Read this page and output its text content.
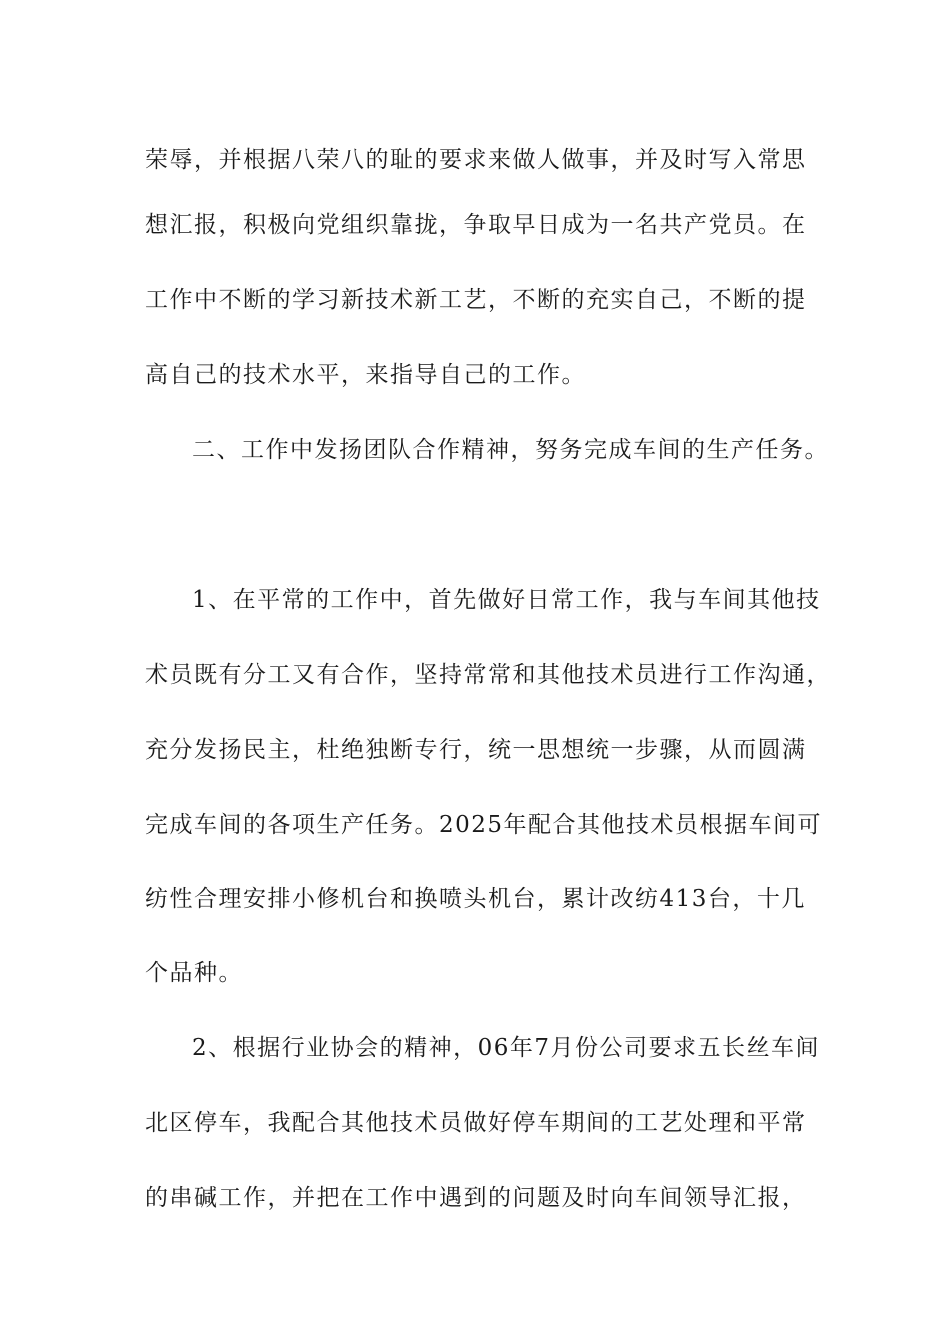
荣辱，并根据八荣八的耻的要求来做人做事，并及时写入常思
想汇报，积极向党组织靠拢，争取早日成为一名共产党员。在
工作中不断的学习新技术新工艺，不断的充实自己，不断的提
高自己的技术水平，来指导自己的工作。
二、工作中发扬团队合作精神，努务完成车间的生产任务。
1、在平常的工作中，首先做好日常工作，我与车间其他技
术员既有分工又有合作，坚持常常和其他技术员进行工作沟通，
充分发扬民主，杜绝独断专行，统一思想统一步骤，从而圆满
完成车间的各项生产任务。2025年配合其他技术员根据车间可
纺性合理安排小修机台和换喷头机台，累计改纺413台，十几
个品种。
2、根据行业协会的精神，06年7月份公司要求五长丝车间
北区停车，我配合其他技术员做好停车期间的工艺处理和平常
的串碱工作，并把在工作中遇到的问题及时向车间领导汇报，
